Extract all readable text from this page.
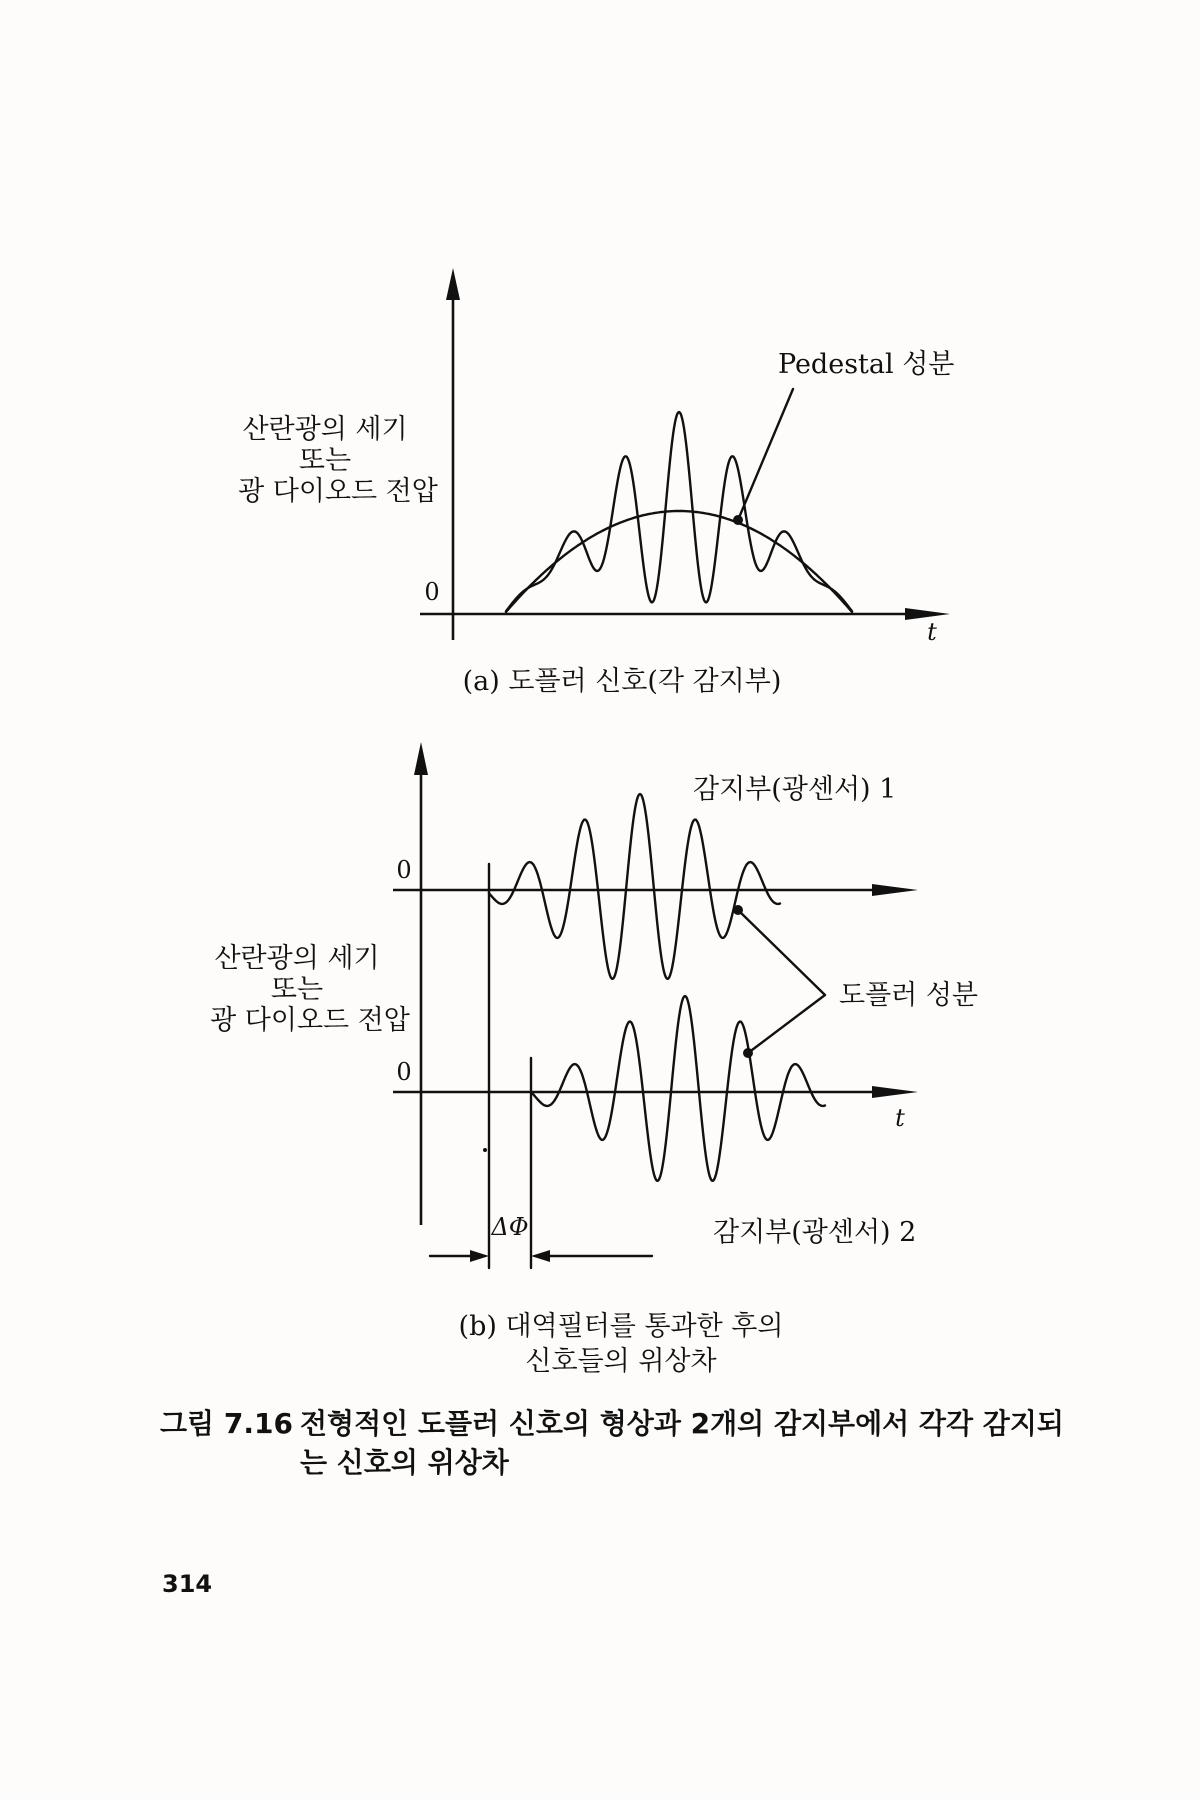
산란광의 세기
또는
광 다이오드 전압
0
t
Pedestal 성분
(a) 도플러 신호(각 감지부)
0
0
t
산란광의 세기
또는
광 다이오드 전압
ΔΦ
도플러 성분
감지부(광센서) 1
감지부(광센서) 2
(b) 대역필터를 통과한 후의
신호들의 위상차
그림 7.16 전형적인 도플러 신호의 형상과 2개의 감지부에서 각각 감지되
는 신호의 위상차
314
